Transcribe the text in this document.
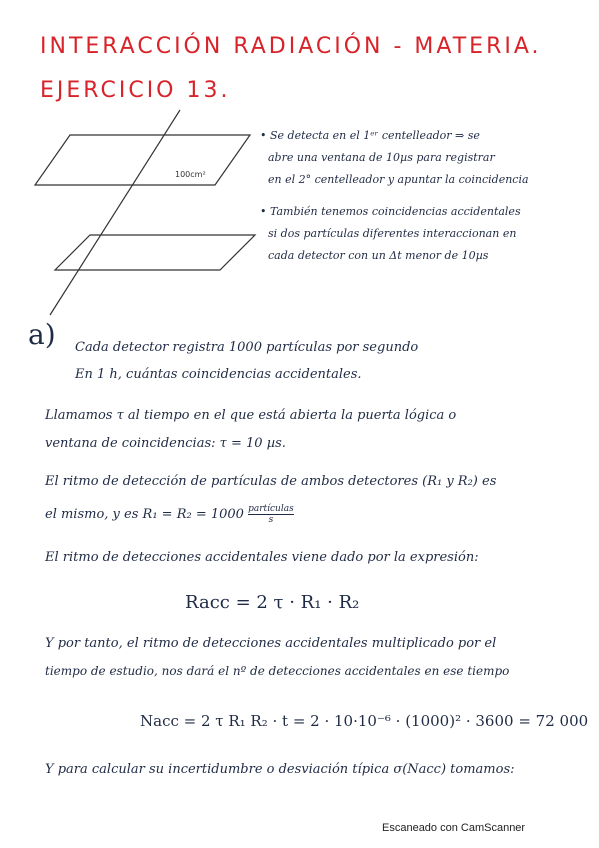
INTERACCIÓN RADIACIÓN - MATERIA.
EJERCICIO 13.
100cm²
• Se detecta en el 1ᵉʳ centelleador ⇒ se
abre una ventana de 10µs para registrar
en el 2° centelleador y apuntar la coincidencia
• También tenemos coincidencias accidentales
si dos partículas diferentes interaccionan en
cada detector con un Δt menor de 10µs
a) Cada detector registra 1000 partículas por segundo
En 1 h, cuántas coincidencias accidentales.
Llamamos τ al tiempo en el que está abierta la puerta lógica o
ventana de coincidencias: τ = 10 µs.
El ritmo de detección de partículas de ambos detectores (R₁ y R₂) es
el mismo, y es $R_1 = R_2 = 1000 \frac{\text{partículas}}{s}$
El ritmo de detecciones accidentales viene dado por la expresión:
Racc = 2 τ · R₁ · R₂
Y por tanto, el ritmo de detecciones accidentales multiplicado por el
tiempo de estudio, nos dará el nº de detecciones accidentales en ese tiempo
Nacc = 2 τ R₁ R₂ · t = 2 · 10·10⁻⁶ · (1000)² · 3600 = 72 000
Y para calcular su incertidumbre o desviación típica σ(Nacc) tomamos:
Escaneado con CamScanner
